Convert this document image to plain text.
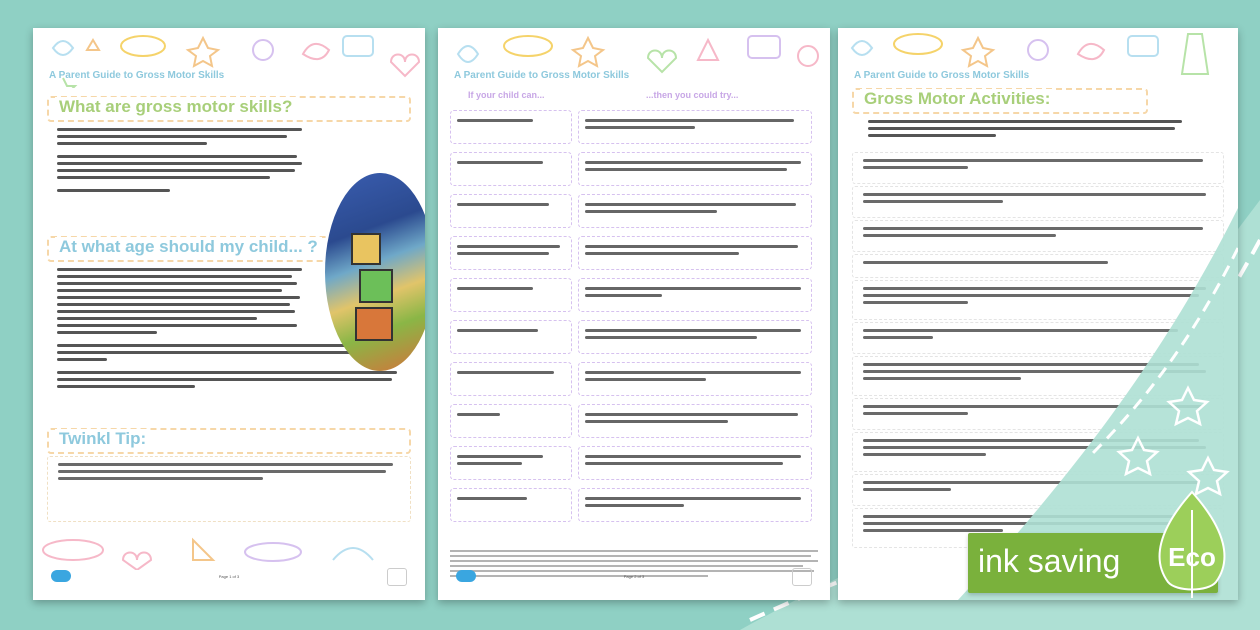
A Parent Guide to Gross Motor Skills
What are gross motor skills?
At what age should my child... ?
Twinkl Tip:
Page 1 of 3
A Parent Guide to Gross Motor Skills
If your child can...	...then you could try...
Page 2 of 3
A Parent Guide to Gross Motor Skills
Gross Motor Activities:
ink saving	Eco
